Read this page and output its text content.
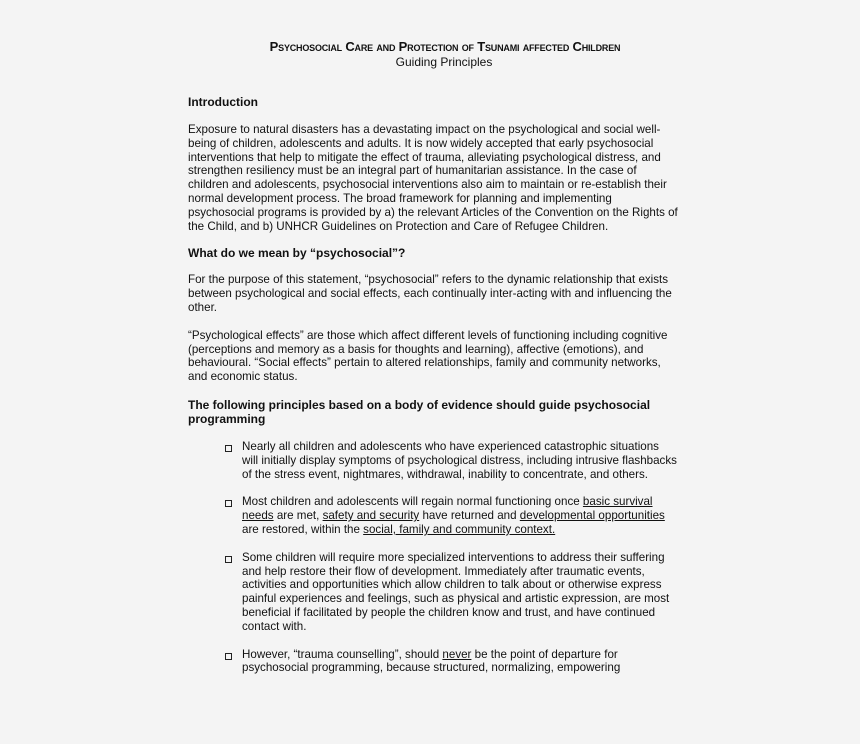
Psychosocial Care and Protection of Tsunami affected Children
Guiding Principles
Introduction

Exposure to natural disasters has a devastating impact on the psychological and social well-being of children, adolescents and adults. It is now widely accepted that early psychosocial interventions that help to mitigate the effect of trauma, alleviating psychological distress, and strengthen resiliency must be an integral part of humanitarian assistance. In the case of children and adolescents, psychosocial interventions also aim to maintain or re-establish their normal development process. The broad framework for planning and implementing psychosocial programs is provided by a) the relevant Articles of the Convention on the Rights of the Child, and b) UNHCR Guidelines on Protection and Care of Refugee Children.

What do we mean by “psychosocial”?

For the purpose of this statement, “psychosocial” refers to the dynamic relationship that exists between psychological and social effects, each continually inter-acting with and influencing the other.

“Psychological effects” are those which affect different levels of functioning including cognitive (perceptions and memory as a basis for thoughts and learning), affective (emotions), and behavioural. “Social effects” pertain to altered relationships, family and community networks, and economic status.

The following principles based on a body of evidence should guide psychosocial programming
Nearly all children and adolescents who have experienced catastrophic situations will initially display symptoms of psychological distress, including intrusive flashbacks of the stress event, nightmares, withdrawal, inability to concentrate, and others.
Most children and adolescents will regain normal functioning once basic survival needs are met, safety and security have returned and developmental opportunities are restored, within the social, family and community context.
Some children will require more specialized interventions to address their suffering and help restore their flow of development. Immediately after traumatic events, activities and opportunities which allow children to talk about or otherwise express painful experiences and feelings, such as physical and artistic expression, are most beneficial if facilitated by people the children know and trust, and have continued contact with.
However, “trauma counselling”, should never be the point of departure for psychosocial programming, because structured, normalizing, empowering
